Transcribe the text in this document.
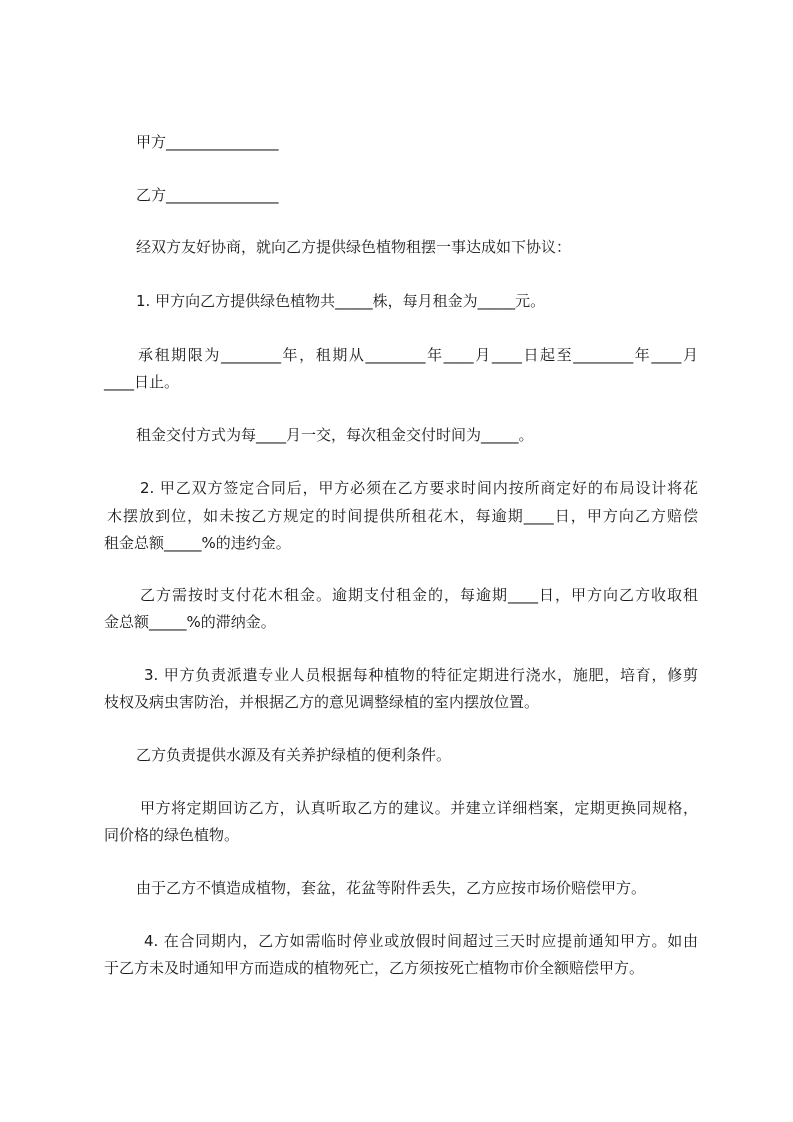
甲方_______________
乙方_______________
经双方友好协商，就向乙方提供绿色植物租摆一事达成如下协议：
1. 甲方向乙方提供绿色植物共_____株，每月租金为_____元。
承租期限为________年，租期从________年____月____日起至________年____月
____日止。
租金交付方式为每____月一交，每次租金交付时间为_____。
2. 甲乙双方签定合同后，甲方必须在乙方要求时间内按所商定好的布局设计将花
木摆放到位，如未按乙方规定的时间提供所租花木，每逾期____日，甲方向乙方赔偿
租金总额_____%的违约金。
乙方需按时支付花木租金。逾期支付租金的，每逾期____日，甲方向乙方收取租
金总额_____%的滞纳金。
3. 甲方负责派遣专业人员根据每种植物的特征定期进行浇水，施肥，培育，修剪
枝杈及病虫害防治，并根据乙方的意见调整绿植的室内摆放位置。
乙方负责提供水源及有关养护绿植的便利条件。
甲方将定期回访乙方，认真听取乙方的建议。并建立详细档案，定期更换同规格，
同价格的绿色植物。
由于乙方不慎造成植物，套盆，花盆等附件丢失，乙方应按市场价赔偿甲方。
4. 在合同期内，乙方如需临时停业或放假时间超过三天时应提前通知甲方。如由
于乙方未及时通知甲方而造成的植物死亡，乙方须按死亡植物市价全额赔偿甲方。
